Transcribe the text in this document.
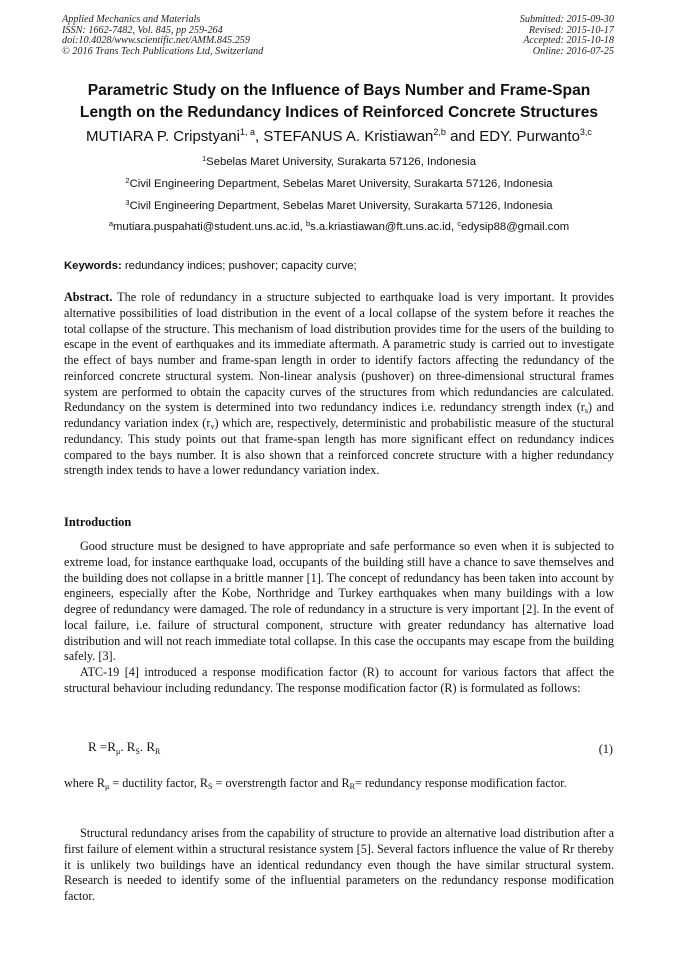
Applied Mechanics and Materials
ISSN: 1662-7482, Vol. 845, pp 259-264
doi:10.4028/www.scientific.net/AMM.845.259
© 2016 Trans Tech Publications Ltd, Switzerland
Submitted: 2015-09-30
Revised: 2015-10-17
Accepted: 2015-10-18
Online: 2016-07-25
Parametric Study on the Influence of Bays Number and Frame-Span
Length on the Redundancy Indices of Reinforced Concrete Structures
MUTIARA P. Cripstyani$^{1, a}$, STEFANUS A. Kristiawan$^{2,b}$ and EDY. Purwanto$^{3,c}$
$^1$Sebelas Maret University, Surakarta 57126, Indonesia
$^2$Civil Engineering Department, Sebelas Maret University, Surakarta 57126, Indonesia
$^3$Civil Engineering Department, Sebelas Maret University, Surakarta 57126, Indonesia
$^a$mutiara.puspahati@student.uns.ac.id, $^b$s.a.kriastiawan@ft.uns.ac.id, $^c$edysip88@gmail.com
Keywords: redundancy indices; pushover; capacity curve;

Abstract. The role of redundancy in a structure subjected to earthquake load is very important. It provides alternative possibilities of load distribution in the event of a local collapse of the system before it reaches the total collapse of the structure. This mechanism of load distribution provides time for the users of the building to escape in the event of earthquakes and its immediate aftermath. A parametric study is carried out to investigate the effect of bays number and frame-span length in order to identify factors affecting the redundancy of the reinforced concrete structural system. Non-linear analysis (pushover) on three-dimensional structural frames system are performed to obtain the capacity curves of the structures from which redundancies are calculated. Redundancy on the system is determined into two redundancy indices i.e. redundancy strength index $(r_s)$ and redundancy variation index $(r_v)$ which are, respectively, deterministic and probabilistic measure of the stuctural redundancy. This study points out that frame-span length has more significant effect on redundancy indices compared to the bays number. It is also shown that a reinforced concrete structure with a higher redundancy strength index tends to have a lower redundancy variation index.

Introduction

Good structure must be designed to have appropriate and safe performance so even when it is subjected to extreme load, for instance earthquake load, occupants of the building still have a chance to save themselves and the building does not collapse in a brittle manner [1]. The concept of redundancy has been taken into account by engineers, especially after the Kobe, Northridge and Turkey earthquakes when many buildings with a low degree of redundancy were damaged. The role of redundancy in a structure is very important [2]. In the event of local failure, i.e. failure of structural component, structure with greater redundancy has alternative load distribution and will not reach immediate total collapse. In this case the occupants may escape from the building safely. [3].

ATC-19 [4] introduced a response modification factor (R) to account for various factors that affect the structural behaviour including redundancy. The response modification factor (R) is formulated as follows:

$R =R_\mu$. $R_S$. $R_R$	(1)

where $R_\mu$ = ductility factor, $R_S$ = overstrength factor and $R_R=$ redundancy response modification factor.

Structural redundancy arises from the capability of structure to provide an alternative load distribution after a first failure of element within a structural resistance system [5]. Several factors influence the value of Rr thereby it is unlikely two buildings have an identical redundancy even though the have similar structural system. Research is needed to identify some of the influential parameters on the redundancy response modification factor.
